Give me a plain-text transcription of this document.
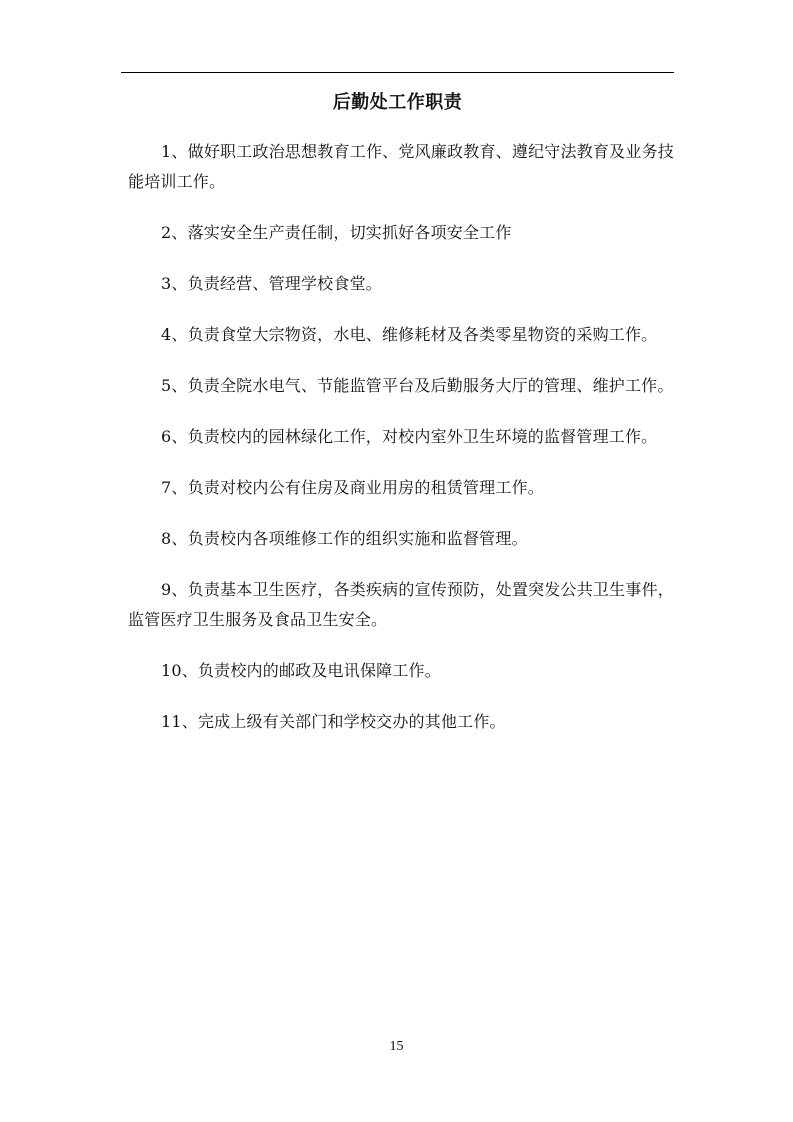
后勤处工作职责

1、做好职工政治思想教育工作、党风廉政教育、遵纪守法教育及业务技能培训工作。

2、落实安全生产责任制，切实抓好各项安全工作

3、负责经营、管理学校食堂。

4、负责食堂大宗物资，水电、维修耗材及各类零星物资的采购工作。

5、负责全院水电气、节能监管平台及后勤服务大厅的管理、维护工作。

6、负责校内的园林绿化工作，对校内室外卫生环境的监督管理工作。

7、负责对校内公有住房及商业用房的租赁管理工作。

8、负责校内各项维修工作的组织实施和监督管理。

9、负责基本卫生医疗，各类疾病的宣传预防，处置突发公共卫生事件，监管医疗卫生服务及食品卫生安全。

10、负责校内的邮政及电讯保障工作。

11、完成上级有关部门和学校交办的其他工作。

15
